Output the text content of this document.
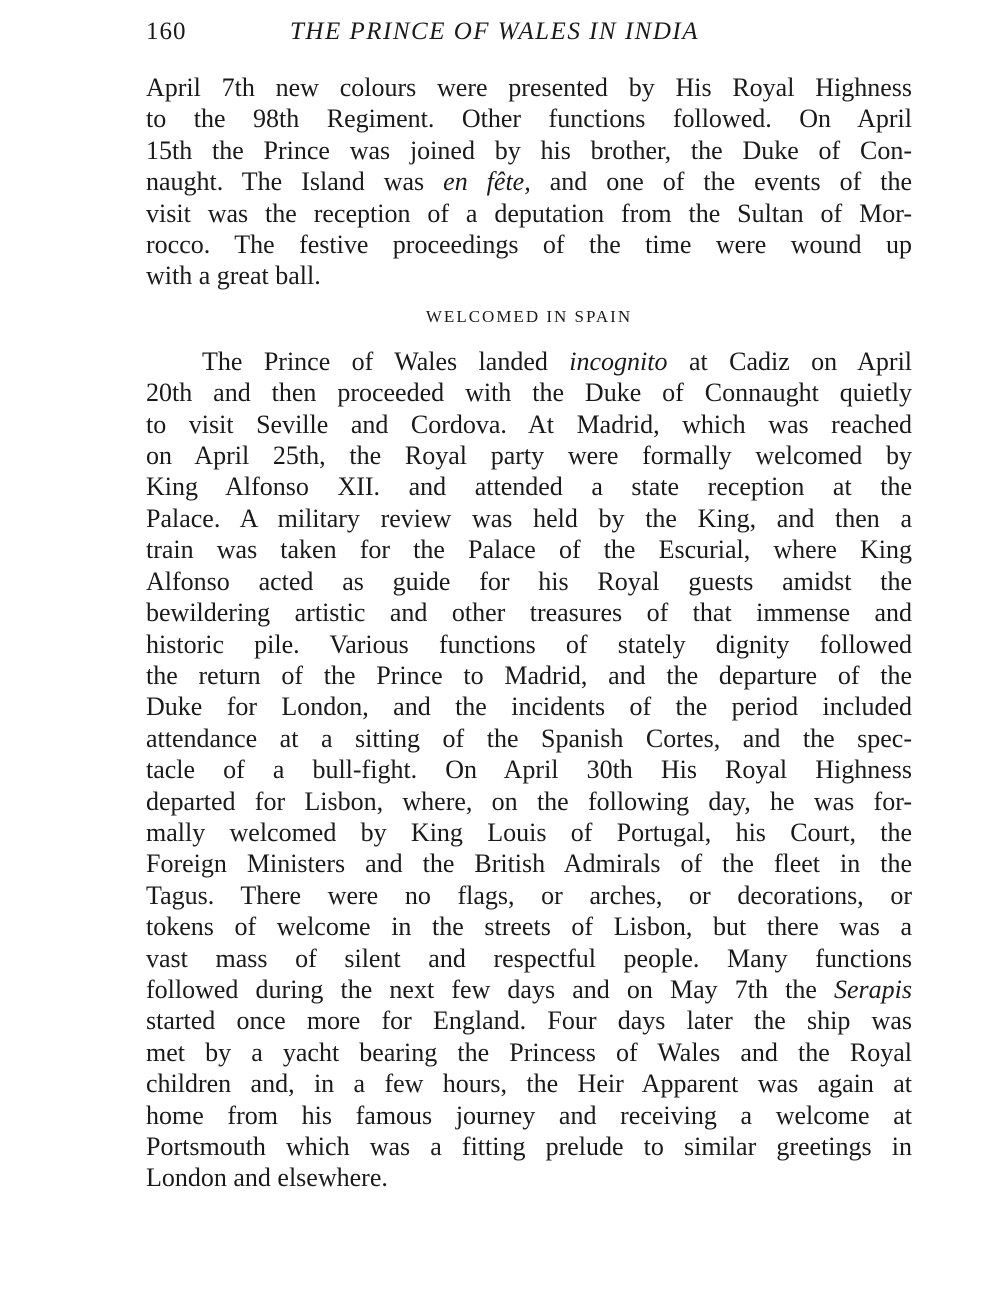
160	THE PRINCE OF WALES IN INDIA

April 7th new colours were presented by His Royal Highness
to the 98th Regiment. Other functions followed. On April
15th the Prince was joined by his brother, the Duke of Con-
naught. The Island was en fête, and one of the events of the
visit was the reception of a deputation from the Sultan of Mor-
rocco. The festive proceedings of the time were wound up
with a great ball.

WELCOMED IN SPAIN

The Prince of Wales landed incognito at Cadiz on April
20th and then proceeded with the Duke of Connaught quietly
to visit Seville and Cordova. At Madrid, which was reached
on April 25th, the Royal party were formally welcomed by
King Alfonso XII. and attended a state reception at the
Palace. A military review was held by the King, and then a
train was taken for the Palace of the Escurial, where King
Alfonso acted as guide for his Royal guests amidst the
bewildering artistic and other treasures of that immense and
historic pile. Various functions of stately dignity followed
the return of the Prince to Madrid, and the departure of the
Duke for London, and the incidents of the period included
attendance at a sitting of the Spanish Cortes, and the spec-
tacle of a bull-fight. On April 30th His Royal Highness
departed for Lisbon, where, on the following day, he was for-
mally welcomed by King Louis of Portugal, his Court, the
Foreign Ministers and the British Admirals of the fleet in the
Tagus. There were no flags, or arches, or decorations, or
tokens of welcome in the streets of Lisbon, but there was a
vast mass of silent and respectful people. Many functions
followed during the next few days and on May 7th the Serapis
started once more for England. Four days later the ship was
met by a yacht bearing the Princess of Wales and the Royal
children and, in a few hours, the Heir Apparent was again at
home from his famous journey and receiving a welcome at
Portsmouth which was a fitting prelude to similar greetings in
London and elsewhere.
